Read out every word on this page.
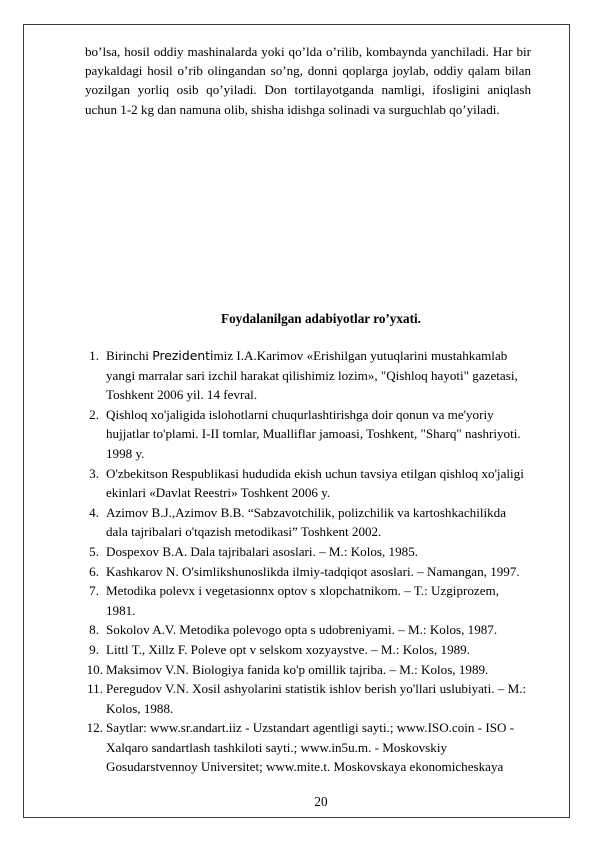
bo’lsa, hosil oddiy mashinalarda yoki qo’lda o’rilib, kombaynda yanchiladi. Har bir paykaldagi hosil o’rib olingandan so’ng, donni qoplarga joylab, oddiy qalam bilan yozilgan yorliq osib qo’yiladi. Don tortilayotganda namligi, ifosligini aniqlash uchun 1-2 kg dan namuna olib, shisha idishga solinadi va surguchlab qo’yiladi.

Foydalanilgan adabiyotlar ro’yxati.
1. Birinchi Prezidentimiz I.A.Karimov «Erishilgan yutuqlarini mustahkamlab yangi marralar sari izchil harakat qilishimiz lozim», "Qishloq hayoti" gazetasi, Toshkent 2006 yil. 14 fevral.
2. Qishloq xo'jaligida islohotlarni chuqurlashtirishga doir qonun va me'yoriy hujjatlar to'plami. I-II tomlar, Mualliflar jamoasi, Toshkent, "Sharq" nashriyoti. 1998 y.
3. O'zbekitson Respublikasi hududida ekish uchun tavsiya etilgan qishloq xo'jaligi ekinlari «Davlat Reestri» Toshkent 2006 y.
4. Azimov B.J.,Azimov B.B. “Sabzavotchilik, polizchilik va kartoshkachilikda dala tajribalari o'tqazish metodikasi” Toshkent 2002.
5. Dospexov B.A. Dala tajribalari asoslari. – M.: Kolos, 1985.
6. Kashkarov N. O'simlikshunoslikda ilmiy-tadqiqot asoslari. – Namangan, 1997.
7. Metodika polevx i vegetasionnx optov s xlopchatnikom. – T.: Uzgiprozem, 1981.
8. Sokolov A.V. Metodika polevogo opta s udobreniyami. – M.: Kolos, 1987.
9. Littl T., Xillz F. Poleve opt v selskom xozyaystve. – M.: Kolos, 1989.
10. Maksimov V.N. Biologiya fanida ko'p omillik tajriba. – M.: Kolos, 1989.
11. Peregudov V.N. Xosil ashyolarini statistik ishlov berish yo'llari uslubiyati. – M.: Kolos, 1988.
12. Saytlar: www.sr.andart.iiz - Uzstandart agentligi sayti.; www.ISO.coin - ISO - Xalqaro sandartlash tashkiloti sayti.; www.in5u.m. - Moskovskiy Gosudarstvennoy Universitet; www.mite.t. Moskovskaya ekonomicheskaya

20
